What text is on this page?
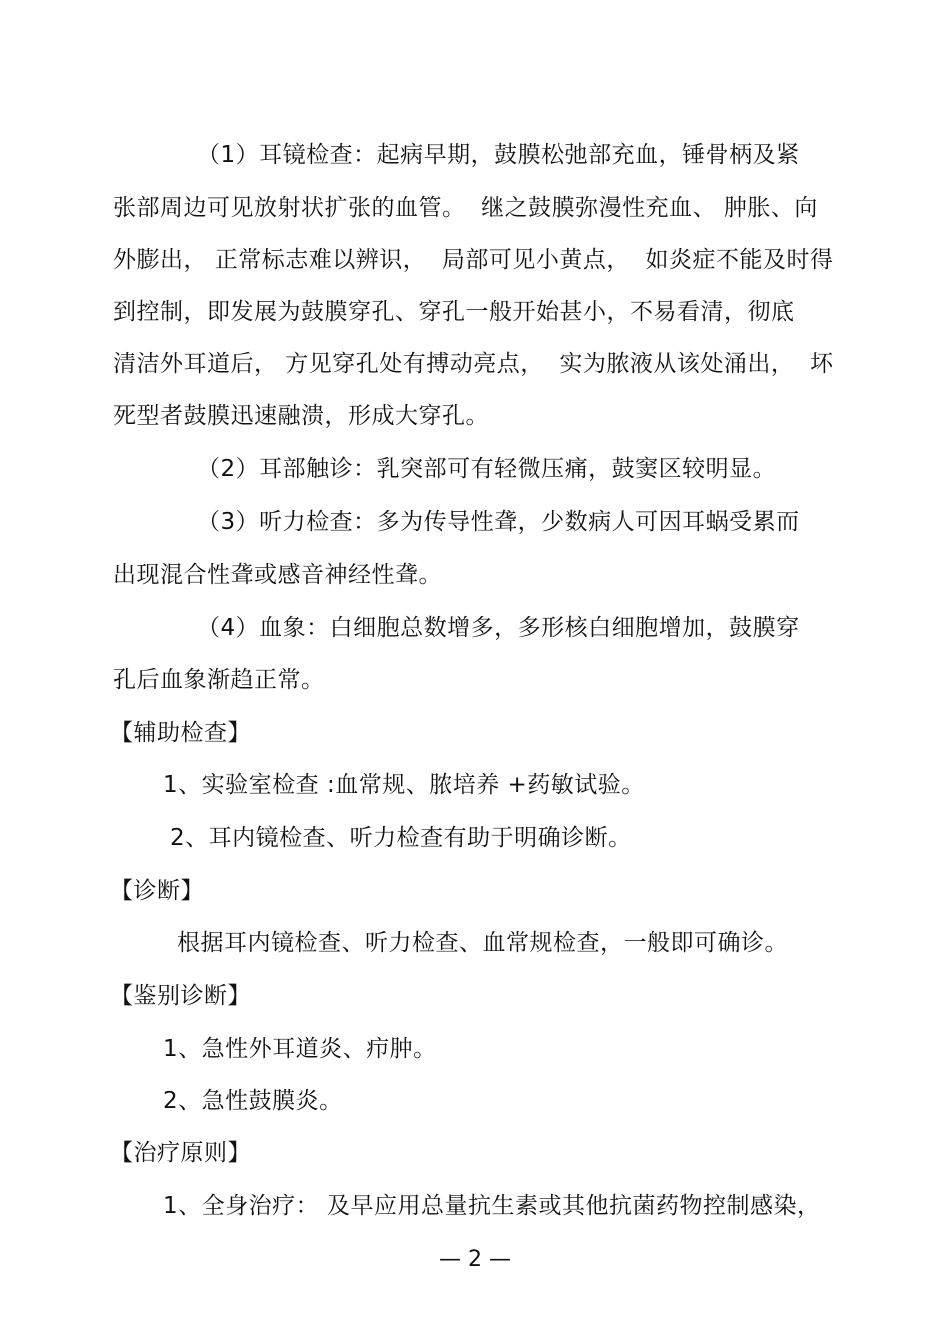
（1）耳镜检查：起病早期，鼓膜松弛部充血，锤骨柄及紧
张部周边可见放射状扩张的血管。  继之鼓膜弥漫性充血、 肿胀、向
外膨出， 正常标志难以辨识，  局部可见小黄点，  如炎症不能及时得
到控制，即发展为鼓膜穿孔、穿孔一般开始甚小，不易看清，彻底
清洁外耳道后， 方见穿孔处有搏动亮点，  实为脓液从该处涌出，  坏
死型者鼓膜迅速融溃，形成大穿孔。
（2）耳部触诊：乳突部可有轻微压痛，鼓窦区较明显。
（3）听力检查：多为传导性聋，少数病人可因耳蜗受累而
出现混合性聋或感音神经性聋。
（4）血象：白细胞总数增多，多形核白细胞增加，鼓膜穿
孔后血象渐趋正常。
【辅助检查】
1、实验室检查 :血常规、脓培养 +药敏试验。
2、耳内镜检查、听力检查有助于明确诊断。
【诊断】
根据耳内镜检查、听力检查、血常规检查，一般即可确诊。
【鉴别诊断】
1、急性外耳道炎、疖肿。
2、急性鼓膜炎。
【治疗原则】
1、全身治疗： 及早应用总量抗生素或其他抗菌药物控制感染，
— 2 —
